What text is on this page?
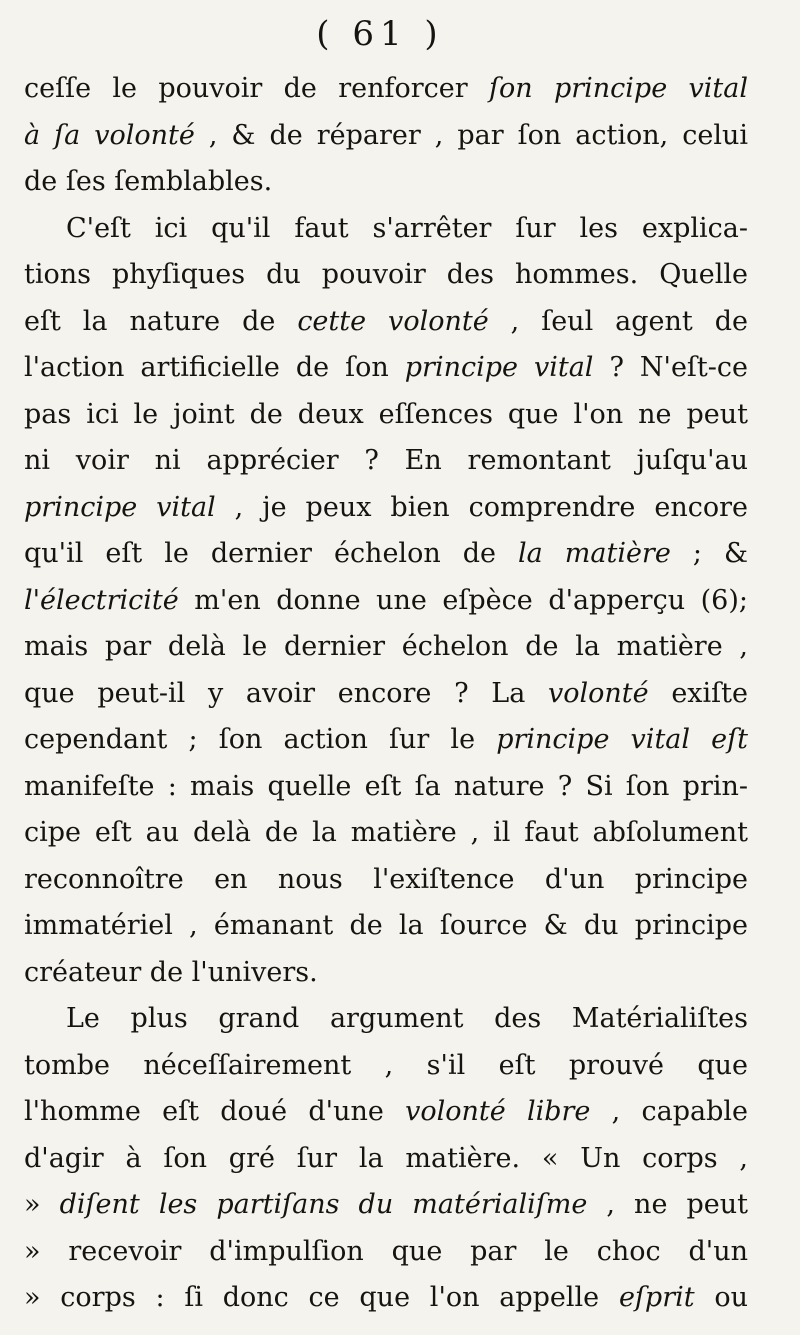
( 61 )
ceſſe le pouvoir de renforcer ſon principe vital
à ſa volonté , & de réparer , par ſon action, celui
de ſes ſemblables.
C'eſt ici qu'il faut s'arrêter ſur les explica-
tions phyſiques du pouvoir des hommes. Quelle
eſt la nature de cette volonté , ſeul agent de
l'action artificielle de ſon principe vital ? N'eſt-ce
pas ici le joint de deux eſſences que l'on ne peut
ni voir ni apprécier ? En remontant juſqu'au
principe vital , je peux bien comprendre encore
qu'il eſt le dernier échelon de la matière ; &
l'électricité m'en donne une eſpèce d'apperçu (6);
mais par delà le dernier échelon de la matière ,
que peut-il y avoir encore ? La volonté exiſte
cependant ; ſon action ſur le principe vital eſt
manifeſte : mais quelle eſt ſa nature ? Si ſon prin-
cipe eſt au delà de la matière , il faut abſolument
reconnoître en nous l'exiſtence d'un principe
immatériel , émanant de la ſource & du principe
créateur de l'univers.
Le plus grand argument des Matérialiſtes
tombe néceſſairement , s'il eſt prouvé que
l'homme eſt doué d'une volonté libre , capable
d'agir à ſon gré ſur la matière. « Un corps ,
» diſent les partiſans du matérialiſme , ne peut
» recevoir d'impulſion que par le choc d'un
» corps : ſi donc ce que l'on appelle eſprit ou
